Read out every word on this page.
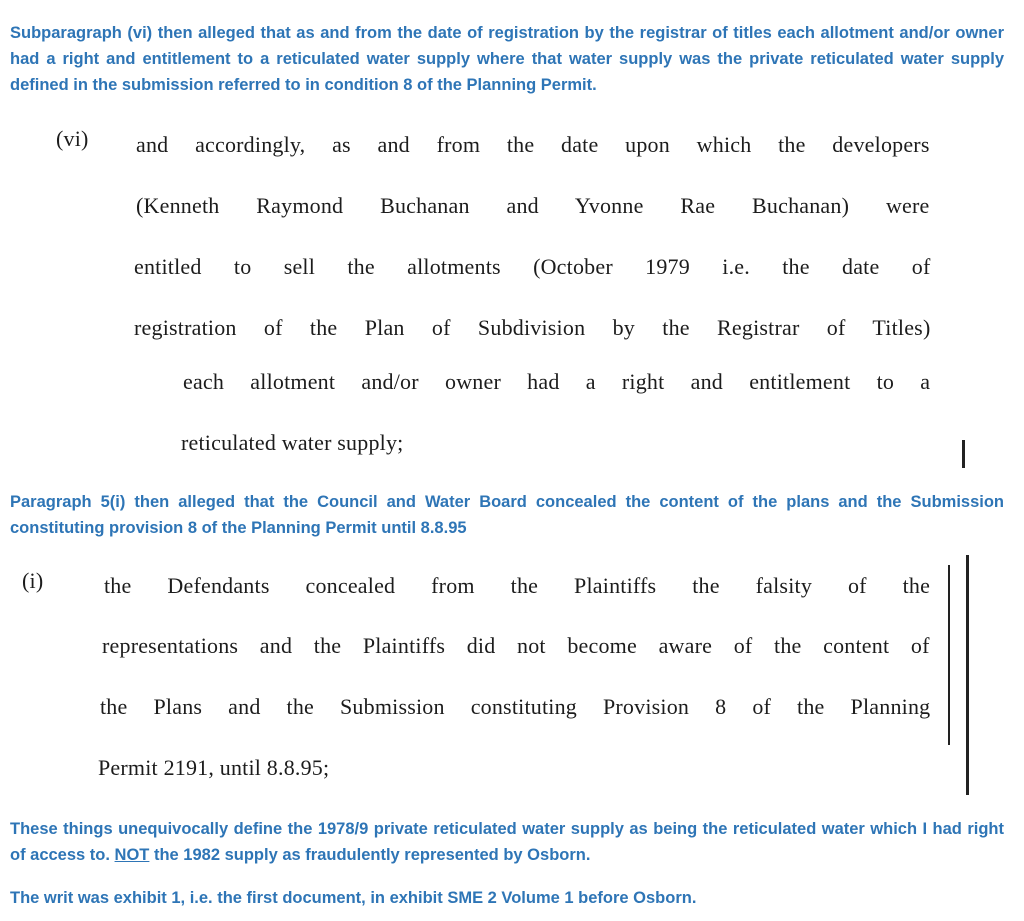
Subparagraph (vi) then alleged that as and from the date of registration by the registrar of titles each allotment and/or owner had a right and entitlement to a reticulated water supply where that water supply was the private reticulated water supply defined in the submission referred to in condition 8 of the Planning Permit.
(vi) and accordingly, as and from the date upon which the developers
(Kenneth Raymond Buchanan and Yvonne Rae Buchanan) were
entitled to sell the allotments (October 1979 i.e. the date of
registration of the Plan of Subdivision by the Registrar of Titles)
each allotment and/or owner had a right and entitlement to a
reticulated water supply;
Paragraph 5(i) then alleged that the Council and Water Board concealed the content of the plans and the Submission constituting provision 8 of the Planning Permit until 8.8.95
(i)	the Defendants concealed from the Plaintiffs the falsity of the
representations and the Plaintiffs did not become aware of the content of
the Plans and the Submission constituting Provision 8 of the Planning
Permit 2191, until 8.8.95;
These things unequivocally define the 1978/9 private reticulated water supply as being the reticulated water which I had right of access to. NOT the 1982 supply as fraudulently represented by Osborn.
The writ was exhibit 1, i.e. the first document, in exhibit SME 2 Volume 1 before Osborn.
